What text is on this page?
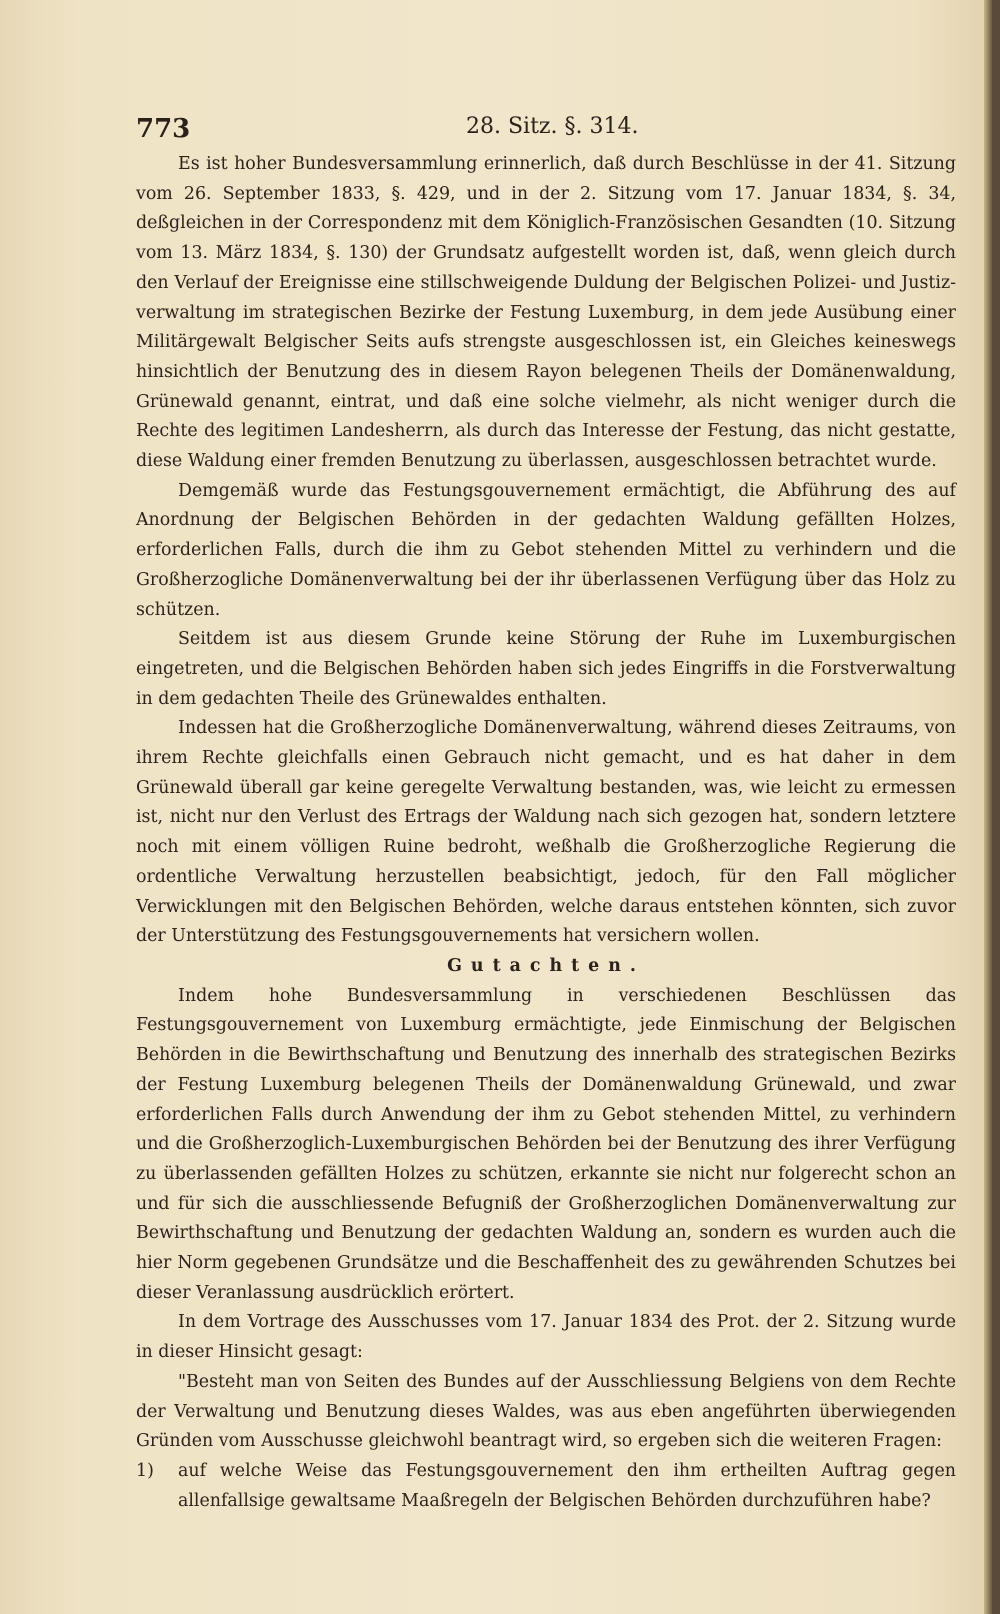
773	28. Sitz. §. 314.

Es ist hoher Bundesversammlung erinnerlich, daß durch Beschlüsse in der 41. Sitzung vom 26. September 1833, §. 429, und in der 2. Sitzung vom 17. Januar 1834, §. 34, deßgleichen in der Correspondenz mit dem Königlich-Französischen Gesandten (10. Sitzung vom 13. März 1834, §. 130) der Grundsatz aufgestellt worden ist, daß, wenn gleich durch den Verlauf der Ereignisse eine stillschweigende Duldung der Belgischen Polizei- und Justiz-verwaltung im strategischen Bezirke der Festung Luxemburg, in dem jede Ausübung einer Militärgewalt Belgischer Seits aufs strengste ausgeschlossen ist, ein Gleiches keineswegs hinsichtlich der Benutzung des in diesem Rayon belegenen Theils der Domänenwaldung, Grünewald genannt, eintrat, und daß eine solche vielmehr, als nicht weniger durch die Rechte des legitimen Landesherrn, als durch das Interesse der Festung, das nicht gestatte, diese Waldung einer fremden Benutzung zu überlassen, ausgeschlossen betrachtet wurde.

Demgemäß wurde das Festungsgouvernement ermächtigt, die Abführung des auf Anordnung der Belgischen Behörden in der gedachten Waldung gefällten Holzes, erforderlichen Falls, durch die ihm zu Gebot stehenden Mittel zu verhindern und die Großherzogliche Domänenverwaltung bei der ihr überlassenen Verfügung über das Holz zu schützen.

Seitdem ist aus diesem Grunde keine Störung der Ruhe im Luxemburgischen eingetreten, und die Belgischen Behörden haben sich jedes Eingriffs in die Forstverwaltung in dem gedachten Theile des Grünewaldes enthalten.

Indessen hat die Großherzogliche Domänenverwaltung, während dieses Zeitraums, von ihrem Rechte gleichfalls einen Gebrauch nicht gemacht, und es hat daher in dem Grünewald überall gar keine geregelte Verwaltung bestanden, was, wie leicht zu ermessen ist, nicht nur den Verlust des Ertrags der Waldung nach sich gezogen hat, sondern letztere noch mit einem völligen Ruine bedroht, weßhalb die Großherzogliche Regierung die ordentliche Verwaltung herzustellen beabsichtigt, jedoch, für den Fall möglicher Verwicklungen mit den Belgischen Behörden, welche daraus entstehen könnten, sich zuvor der Unterstützung des Festungsgouvernements hat versichern wollen.

Gutachten.

Indem hohe Bundesversammlung in verschiedenen Beschlüssen das Festungsgouvernement von Luxemburg ermächtigte, jede Einmischung der Belgischen Behörden in die Bewirthschaftung und Benutzung des innerhalb des strategischen Bezirks der Festung Luxemburg belegenen Theils der Domänenwaldung Grünewald, und zwar erforderlichen Falls durch Anwendung der ihm zu Gebot stehenden Mittel, zu verhindern und die Großherzoglich-Luxemburgischen Behörden bei der Benutzung des ihrer Verfügung zu überlassenden gefällten Holzes zu schützen, erkannte sie nicht nur folgerecht schon an und für sich die ausschliessende Befugniß der Großherzoglichen Domänenverwaltung zur Bewirthschaftung und Benutzung der gedachten Waldung an, sondern es wurden auch die hier Norm gegebenen Grundsätze und die Beschaffenheit des zu gewährenden Schutzes bei dieser Veranlassung ausdrücklich erörtert.

In dem Vortrage des Ausschusses vom 17. Januar 1834 des Prot. der 2. Sitzung wurde in dieser Hinsicht gesagt:

"Besteht man von Seiten des Bundes auf der Ausschliessung Belgiens von dem Rechte der Verwaltung und Benutzung dieses Waldes, was aus eben angeführten überwiegenden Gründen vom Ausschusse gleichwohl beantragt wird, so ergeben sich die weiteren Fragen:

1) auf welche Weise das Festungsgouvernement den ihm ertheilten Auftrag gegen allenfallsige gewaltsame Maaßregeln der Belgischen Behörden durchzuführen habe?
